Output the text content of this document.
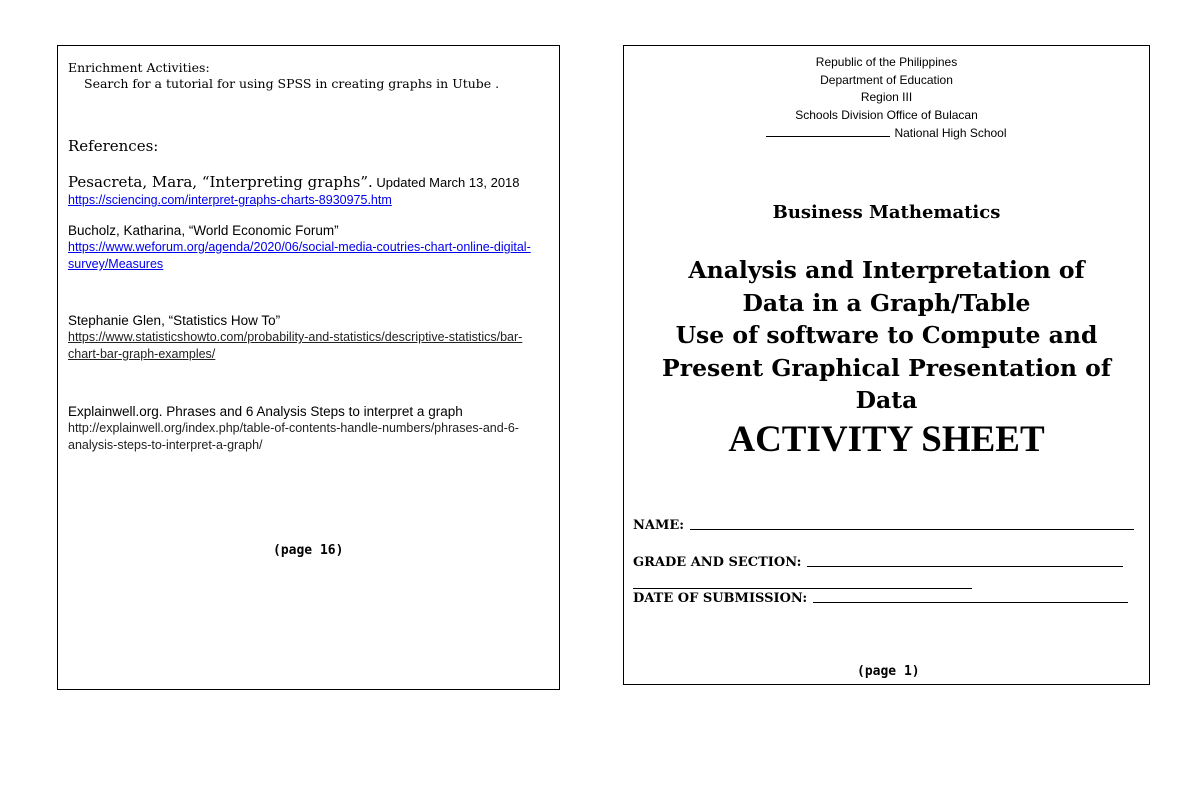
Enrichment Activities:
Search for a tutorial for using SPSS in creating graphs in Utube .
References:
Pesacreta, Mara, “Interpreting graphs”. Updated March 13, 2018
https://sciencing.com/interpret-graphs-charts-8930975.htm
Bucholz, Katharina, “World Economic Forum”
https://www.weforum.org/agenda/2020/06/social-media-coutries-chart-online-digital-survey/Measures
Stephanie Glen, “Statistics How To”
https://www.statisticshowto.com/probability-and-statistics/descriptive-statistics/bar-chart-bar-graph-examples/
Explainwell.org. Phrases and 6 Analysis Steps to interpret a graph
http://explainwell.org/index.php/table-of-contents-handle-numbers/phrases-and-6-analysis-steps-to-interpret-a-graph/
(page 16)
Republic of the Philippines
Department of Education
Region III
Schools Division Office of Bulacan
National High School
Business Mathematics
Analysis and Interpretation of
Data in a Graph/Table
Use of software to Compute and
Present Graphical Presentation of
Data
ACTIVITY SHEET
NAME:
GRADE AND SECTION:
DATE OF SUBMISSION:
(page 1)
